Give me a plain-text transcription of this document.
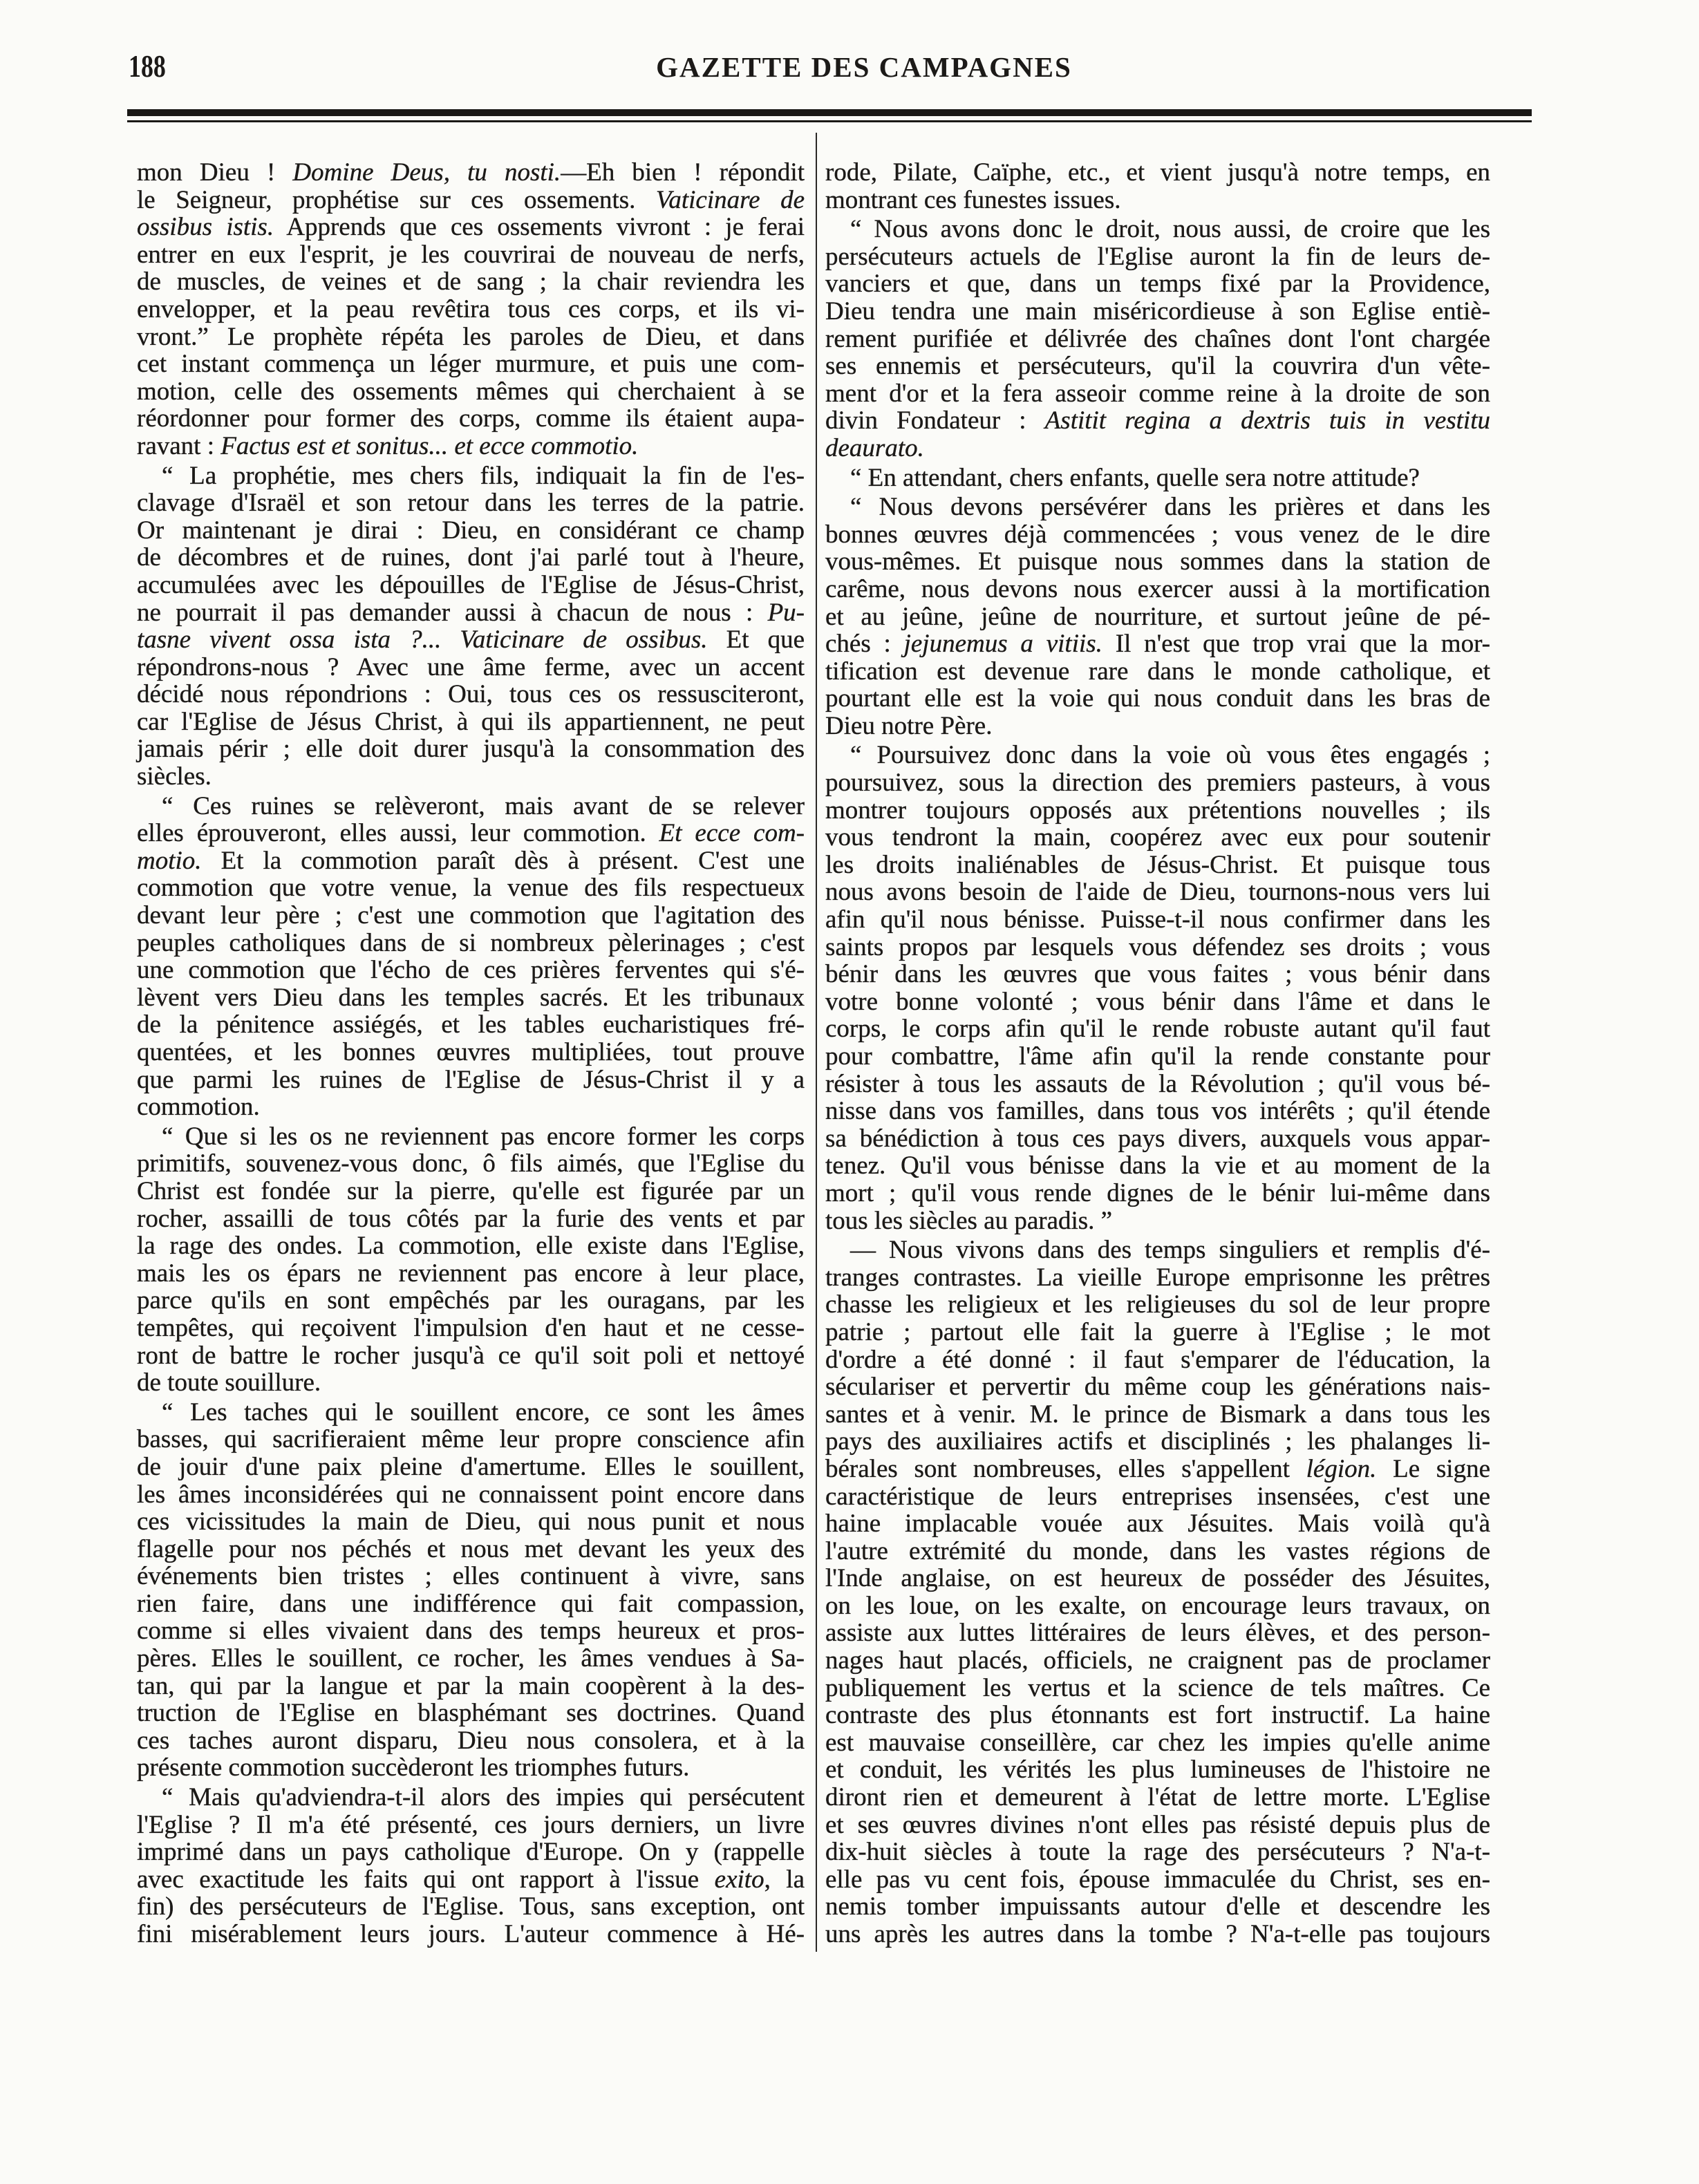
188	GAZETTE DES CAMPAGNES
mon Dieu ! Domine Deus, tu nosti.—Eh bien ! répondit
le Seigneur, prophétise sur ces ossements. Vaticinare de
ossibus istis. Apprends que ces ossements vivront : je ferai
entrer en eux l'esprit, je les couvrirai de nouveau de nerfs,
de muscles, de veines et de sang ; la chair reviendra les
envelopper, et la peau revêtira tous ces corps, et ils vi-
vront.” Le prophète répéta les paroles de Dieu, et dans
cet instant commença un léger murmure, et puis une com-
motion, celle des ossements mêmes qui cherchaient à se
réordonner pour former des corps, comme ils étaient aupa-
ravant : Factus est et sonitus... et ecce commotio.
“ La prophétie, mes chers fils, indiquait la fin de l'es-
clavage d'Israël et son retour dans les terres de la patrie.
Or maintenant je dirai : Dieu, en considérant ce champ
de décombres et de ruines, dont j'ai parlé tout à l'heure,
accumulées avec les dépouilles de l'Eglise de Jésus-Christ,
ne pourrait il pas demander aussi à chacun de nous : Pu-
tasne vivent ossa ista ?... Vaticinare de ossibus. Et que
répondrons-nous ? Avec une âme ferme, avec un accent
décidé nous répondrions : Oui, tous ces os ressusciteront,
car l'Eglise de Jésus Christ, à qui ils appartiennent, ne peut
jamais périr ; elle doit durer jusqu'à la consommation des
siècles.
“ Ces ruines se relèveront, mais avant de se relever
elles éprouveront, elles aussi, leur commotion. Et ecce com-
motio. Et la commotion paraît dès à présent. C'est une
commotion que votre venue, la venue des fils respectueux
devant leur père ; c'est une commotion que l'agitation des
peuples catholiques dans de si nombreux pèlerinages ; c'est
une commotion que l'écho de ces prières ferventes qui s'é-
lèvent vers Dieu dans les temples sacrés. Et les tribunaux
de la pénitence assiégés, et les tables eucharistiques fré-
quentées, et les bonnes œuvres multipliées, tout prouve
que parmi les ruines de l'Eglise de Jésus-Christ il y a
commotion.
“ Que si les os ne reviennent pas encore former les corps
primitifs, souvenez-vous donc, ô fils aimés, que l'Eglise du
Christ est fondée sur la pierre, qu'elle est figurée par un
rocher, assailli de tous côtés par la furie des vents et par
la rage des ondes. La commotion, elle existe dans l'Eglise,
mais les os épars ne reviennent pas encore à leur place,
parce qu'ils en sont empêchés par les ouragans, par les
tempêtes, qui reçoivent l'impulsion d'en haut et ne cesse-
ront de battre le rocher jusqu'à ce qu'il soit poli et nettoyé
de toute souillure.
“ Les taches qui le souillent encore, ce sont les âmes
basses, qui sacrifieraient même leur propre conscience afin
de jouir d'une paix pleine d'amertume. Elles le souillent,
les âmes inconsidérées qui ne connaissent point encore dans
ces vicissitudes la main de Dieu, qui nous punit et nous
flagelle pour nos péchés et nous met devant les yeux des
événements bien tristes ; elles continuent à vivre, sans
rien faire, dans une indifférence qui fait compassion,
comme si elles vivaient dans des temps heureux et pros-
pères. Elles le souillent, ce rocher, les âmes vendues à Sa-
tan, qui par la langue et par la main coopèrent à la des-
truction de l'Eglise en blasphémant ses doctrines. Quand
ces taches auront disparu, Dieu nous consolera, et à la
présente commotion succèderont les triomphes futurs.
“ Mais qu'adviendra-t-il alors des impies qui persécutent
l'Eglise ? Il m'a été présenté, ces jours derniers, un livre
imprimé dans un pays catholique d'Europe. On y (rappelle
avec exactitude les faits qui ont rapport à l'issue exito, la
fin) des persécuteurs de l'Eglise. Tous, sans exception, ont
fini misérablement leurs jours. L'auteur commence à Hé-
rode, Pilate, Caïphe, etc., et vient jusqu'à notre temps, en
montrant ces funestes issues.
“ Nous avons donc le droit, nous aussi, de croire que les
persécuteurs actuels de l'Eglise auront la fin de leurs de-
vanciers et que, dans un temps fixé par la Providence,
Dieu tendra une main miséricordieuse à son Eglise entiè-
rement purifiée et délivrée des chaînes dont l'ont chargée
ses ennemis et persécuteurs, qu'il la couvrira d'un vête-
ment d'or et la fera asseoir comme reine à la droite de son
divin Fondateur : Astitit regina a dextris tuis in vestitu
deaurato.
“ En attendant, chers enfants, quelle sera notre attitude?
“ Nous devons persévérer dans les prières et dans les
bonnes œuvres déjà commencées ; vous venez de le dire
vous-mêmes. Et puisque nous sommes dans la station de
carême, nous devons nous exercer aussi à la mortification
et au jeûne, jeûne de nourriture, et surtout jeûne de pé-
chés : jejunemus a vitiis. Il n'est que trop vrai que la mor-
tification est devenue rare dans le monde catholique, et
pourtant elle est la voie qui nous conduit dans les bras de
Dieu notre Père.
“ Poursuivez donc dans la voie où vous êtes engagés ;
poursuivez, sous la direction des premiers pasteurs, à vous
montrer toujours opposés aux prétentions nouvelles ; ils
vous tendront la main, coopérez avec eux pour soutenir
les droits inaliénables de Jésus-Christ. Et puisque tous
nous avons besoin de l'aide de Dieu, tournons-nous vers lui
afin qu'il nous bénisse. Puisse-t-il nous confirmer dans les
saints propos par lesquels vous défendez ses droits ; vous
bénir dans les œuvres que vous faites ; vous bénir dans
votre bonne volonté ; vous bénir dans l'âme et dans le
corps, le corps afin qu'il le rende robuste autant qu'il faut
pour combattre, l'âme afin qu'il la rende constante pour
résister à tous les assauts de la Révolution ; qu'il vous bé-
nisse dans vos familles, dans tous vos intérêts ; qu'il étende
sa bénédiction à tous ces pays divers, auxquels vous appar-
tenez. Qu'il vous bénisse dans la vie et au moment de la
mort ; qu'il vous rende dignes de le bénir lui-même dans
tous les siècles au paradis. ”
— Nous vivons dans des temps singuliers et remplis d'é-
tranges contrastes. La vieille Europe emprisonne les prêtres
chasse les religieux et les religieuses du sol de leur propre
patrie ; partout elle fait la guerre à l'Eglise ; le mot
d'ordre a été donné : il faut s'emparer de l'éducation, la
séculariser et pervertir du même coup les générations nais-
santes et à venir. M. le prince de Bismark a dans tous les
pays des auxiliaires actifs et disciplinés ; les phalanges li-
bérales sont nombreuses, elles s'appellent légion. Le signe
caractéristique de leurs entreprises insensées, c'est une
haine implacable vouée aux Jésuites. Mais voilà qu'à
l'autre extrémité du monde, dans les vastes régions de
l'Inde anglaise, on est heureux de posséder des Jésuites,
on les loue, on les exalte, on encourage leurs travaux, on
assiste aux luttes littéraires de leurs élèves, et des person-
nages haut placés, officiels, ne craignent pas de proclamer
publiquement les vertus et la science de tels maîtres. Ce
contraste des plus étonnants est fort instructif. La haine
est mauvaise conseillère, car chez les impies qu'elle anime
et conduit, les vérités les plus lumineuses de l'histoire ne
diront rien et demeurent à l'état de lettre morte. L'Eglise
et ses œuvres divines n'ont elles pas résisté depuis plus de
dix-huit siècles à toute la rage des persécuteurs ? N'a-t-
elle pas vu cent fois, épouse immaculée du Christ, ses en-
nemis tomber impuissants autour d'elle et descendre les
uns après les autres dans la tombe ? N'a-t-elle pas toujours
